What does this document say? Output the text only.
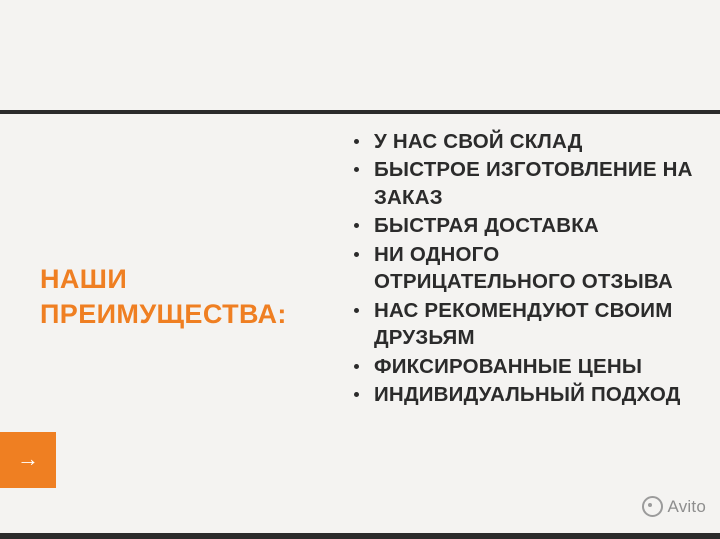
НАШИ
ПРЕИМУЩЕСТВА:
У НАС СВОЙ СКЛАД
БЫСТРОЕ ИЗГОТОВЛЕНИЕ НА ЗАКАЗ
БЫСТРАЯ ДОСТАВКА
НИ ОДНОГО ОТРИЦАТЕЛЬНОГО ОТЗЫВА
НАС РЕКОМЕНДУЮТ СВОИМ ДРУЗЬЯМ
ФИКСИРОВАННЫЕ ЦЕНЫ
ИНДИВИДУАЛЬНЫЙ ПОДХОД
→
Avito
